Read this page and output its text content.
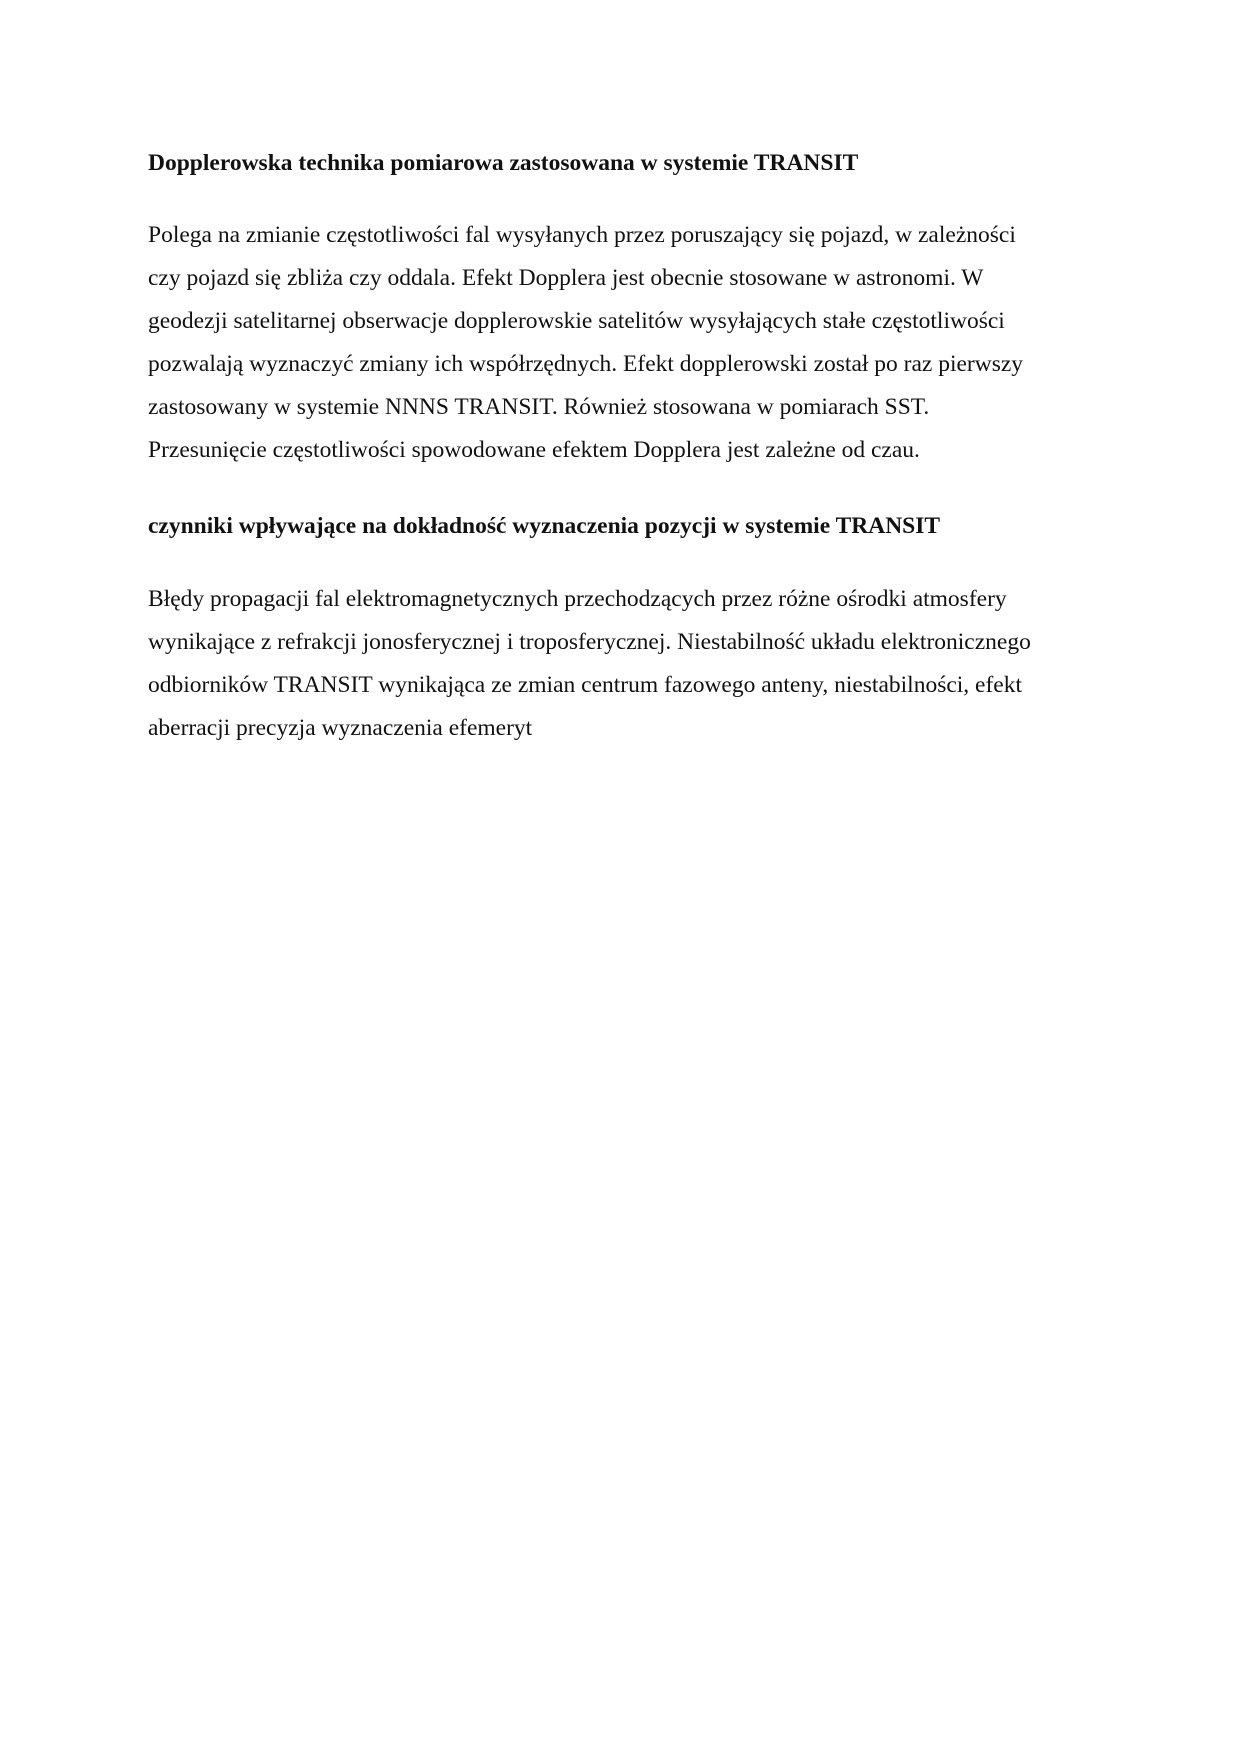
Dopplerowska technika pomiarowa zastosowana w systemie TRANSIT

Polega na zmianie częstotliwości fal wysyłanych przez poruszający się pojazd, w zależności
czy pojazd się zbliża czy oddala. Efekt Dopplera jest obecnie stosowane w astronomi. W
geodezji satelitarnej obserwacje dopplerowskie satelitów wysyłających stałe częstotliwości
pozwalają wyznaczyć zmiany ich współrzędnych. Efekt dopplerowski został po raz pierwszy
zastosowany w systemie NNNS TRANSIT. Również stosowana w pomiarach SST.
Przesunięcie częstotliwości spowodowane efektem Dopplera jest zależne od czau.

czynniki wpływające na dokładność wyznaczenia pozycji w systemie TRANSIT

Błędy propagacji fal elektromagnetycznych przechodzących przez różne ośrodki atmosfery
wynikające z refrakcji jonosferycznej i troposferycznej. Niestabilność układu elektronicznego
odbiorników TRANSIT wynikająca ze zmian centrum fazowego anteny, niestabilności, efekt
aberracji precyzja wyznaczenia efemeryt
